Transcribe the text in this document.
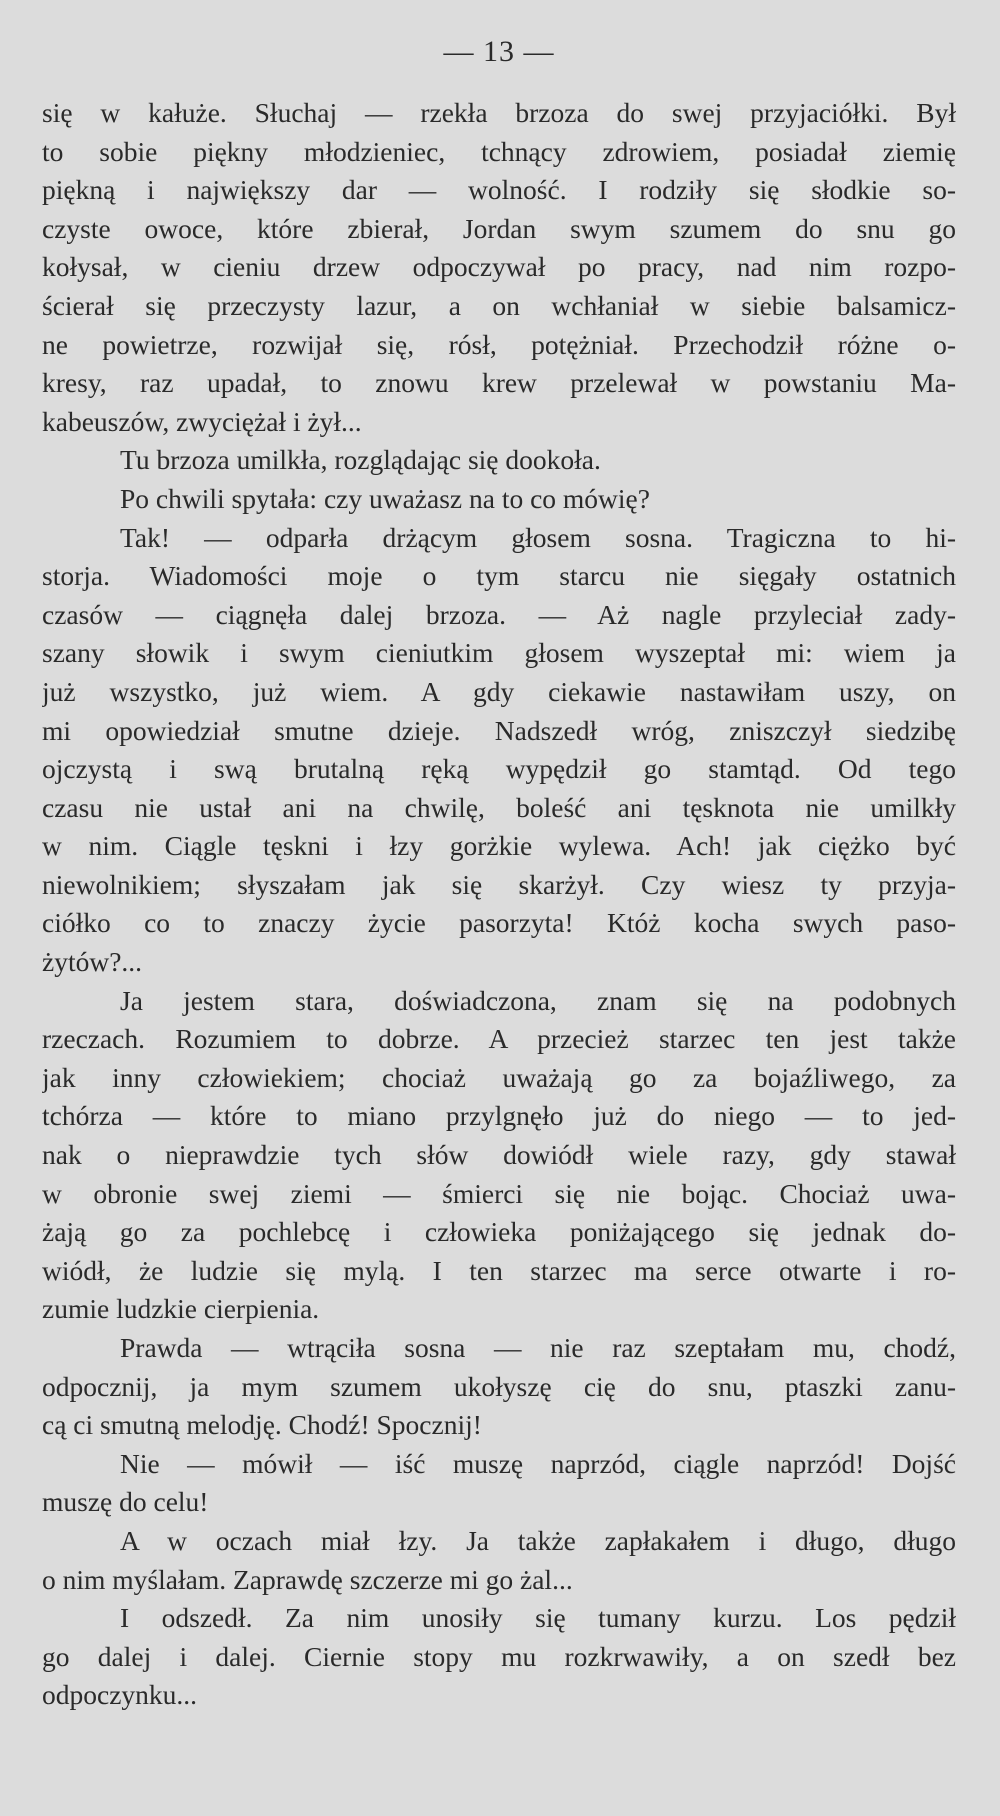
— 13 —
się w kałuże. Słuchaj — rzekła brzoza do swej przyjaciółki. Był
to sobie piękny młodzieniec, tchnący zdrowiem, posiadał ziemię
piękną i największy dar — wolność. I rodziły się słodkie so-
czyste owoce, które zbierał, Jordan swym szumem do snu go
kołysał, w cieniu drzew odpoczywał po pracy, nad nim rozpo-
ścierał się przeczysty lazur, a on wchłaniał w siebie balsamicz-
ne powietrze, rozwijał się, rósł, potężniał. Przechodził różne o-
kresy, raz upadał, to znowu krew przelewał w powstaniu Ma-
kabeuszów, zwyciężał i żył...
Tu brzoza umilkła, rozglądając się dookoła.
Po chwili spytała: czy uważasz na to co mówię?
Tak! — odparła drżącym głosem sosna. Tragiczna to hi-
storja. Wiadomości moje o tym starcu nie sięgały ostatnich
czasów — ciągnęła dalej brzoza. — Aż nagle przyleciał zady-
szany słowik i swym cieniutkim głosem wyszeptał mi: wiem ja
już wszystko, już wiem. A gdy ciekawie nastawiłam uszy, on
mi opowiedział smutne dzieje. Nadszedł wróg, zniszczył siedzibę
ojczystą i swą brutalną ręką wypędził go stamtąd. Od tego
czasu nie ustał ani na chwilę, boleść ani tęsknota nie umilkły
w nim. Ciągle tęskni i łzy gorżkie wylewa. Ach! jak ciężko być
niewolnikiem; słyszałam jak się skarżył. Czy wiesz ty przyja-
ciółko co to znaczy życie pasorzyta! Któż kocha swych paso-
żytów?...
Ja jestem stara, doświadczona, znam się na podobnych
rzeczach. Rozumiem to dobrze. A przecież starzec ten jest także
jak inny człowiekiem; chociaż uważają go za bojaźliwego, za
tchórza — które to miano przylgnęło już do niego — to jed-
nak o nieprawdzie tych słów dowiódł wiele razy, gdy stawał
w obronie swej ziemi — śmierci się nie bojąc. Chociaż uwa-
żają go za pochlebcę i człowieka poniżającego się jednak do-
wiódł, że ludzie się mylą. I ten starzec ma serce otwarte i ro-
zumie ludzkie cierpienia.
Prawda — wtrąciła sosna — nie raz szeptałam mu, chodź,
odpocznij, ja mym szumem ukołyszę cię do snu, ptaszki zanu-
cą ci smutną melodję. Chodź! Spocznij!
Nie — mówił — iść muszę naprzód, ciągle naprzód! Dojść
muszę do celu!
A w oczach miał łzy. Ja także zapłakałem i długo, długo
o nim myślałam. Zaprawdę szczerze mi go żal...
I odszedł. Za nim unosiły się tumany kurzu. Los pędził
go dalej i dalej. Ciernie stopy mu rozkrwawiły, a on szedł bez
odpoczynku...
